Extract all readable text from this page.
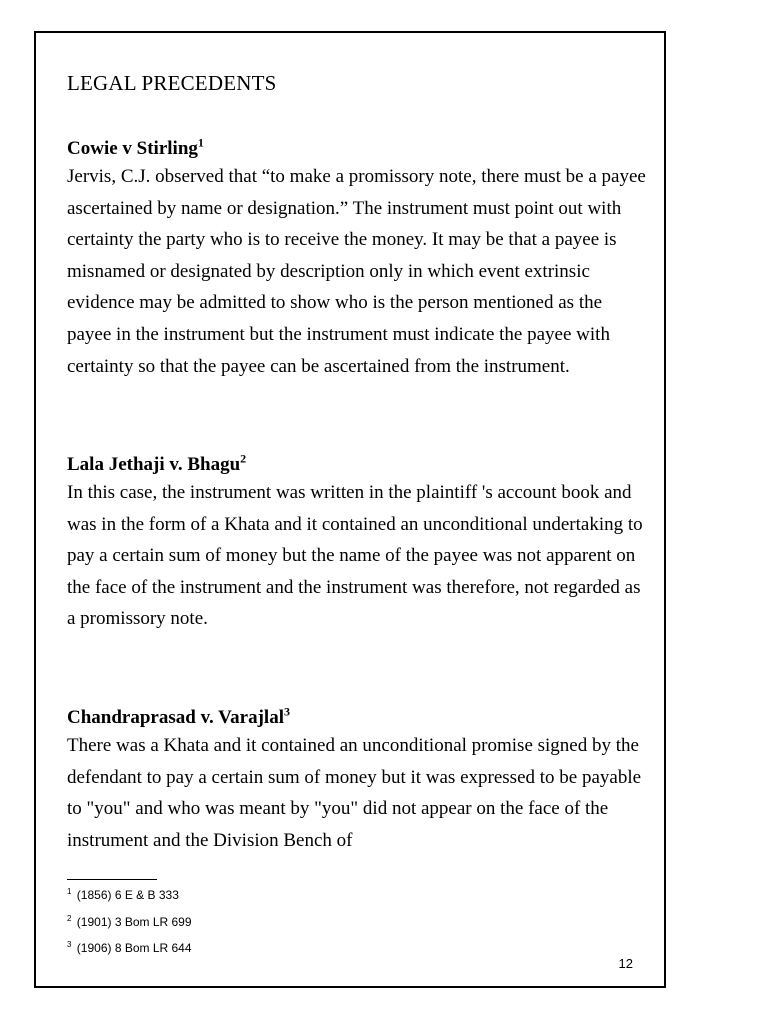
LEGAL PRECEDENTS

Cowie v Stirling$^1$

Jervis, C.J. observed that “to make a promissory note, there must be a payee ascertained by name or designation.” The instrument must point out with certainty the party who is to receive the money. It may be that a payee is misnamed or designated by description only in which event extrinsic evidence may be admitted to show who is the person mentioned as the payee in the instrument but the instrument must indicate the payee with certainty so that the payee can be ascertained from the instrument.

Lala Jethaji v. Bhagu$^2$

In this case, the instrument was written in the plaintiff 's account book and was in the form of a Khata and it contained an unconditional undertaking to pay a certain sum of money but the name of the payee was not apparent on the face of the instrument and the instrument was therefore, not regarded as a promissory note.

Chandraprasad v. Varajlal$^3$

There was a Khata and it contained an unconditional promise signed by the defendant to pay a certain sum of money but it was expressed to be payable to "you" and who was meant by "you" did not appear on the face of the instrument and the Division Bench of

$^1$ (1856) 6 E & B 333
$^2$ (1901) 3 Bom LR 699
$^3$ (1906) 8 Bom LR 644
12
